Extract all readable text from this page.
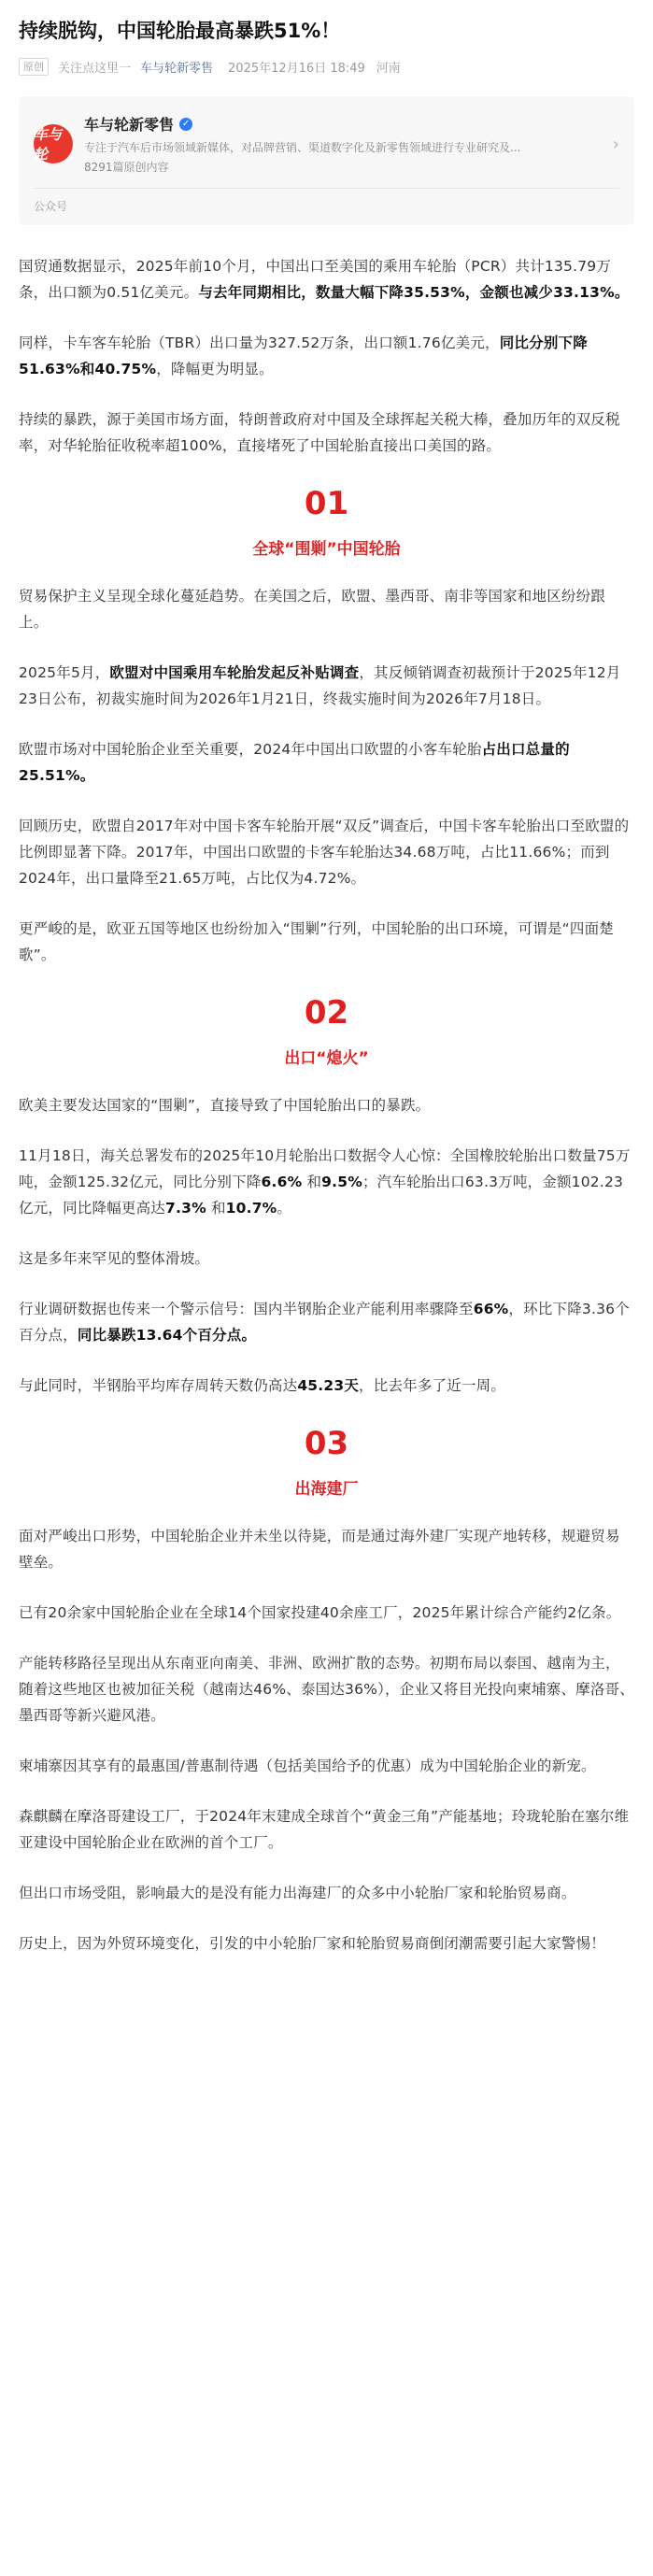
持续脱钩，中国轮胎最高暴跌51%！
原创	关注点这里一 车与轮新零售 2025年12月16日 18:49 河南
车与轮
车与轮新零售 ✓
专注于汽车后市场领域新媒体，对品牌营销、渠道数字化及新零售领域进行专业研究及...
8291篇原创内容
›
公众号

国贸通数据显示，2025年前10个月，中国出口至美国的乘用车轮胎（PCR）共计135.79万条，出口额为0.51亿美元。与去年同期相比，数量大幅下降35.53%，金额也减少33.13%。

同样，卡车客车轮胎（TBR）出口量为327.52万条，出口额1.76亿美元，同比分别下降51.63%和40.75%，降幅更为明显。

持续的暴跌，源于美国市场方面，特朗普政府对中国及全球挥起关税大棒，叠加历年的双反税率，对华轮胎征收税率超100%，直接堵死了中国轮胎直接出口美国的路。

01
全球“围剿”中国轮胎

贸易保护主义呈现全球化蔓延趋势。在美国之后，欧盟、墨西哥、南非等国家和地区纷纷跟上。

2025年5月，欧盟对中国乘用车轮胎发起反补贴调查，其反倾销调查初裁预计于2025年12月23日公布，初裁实施时间为2026年1月21日，终裁实施时间为2026年7月18日。

欧盟市场对中国轮胎企业至关重要，2024年中国出口欧盟的小客车轮胎占出口总量的25.51%。

回顾历史，欧盟自2017年对中国卡客车轮胎开展“双反”调查后，中国卡客车轮胎出口至欧盟的比例即显著下降。2017年，中国出口欧盟的卡客车轮胎达34.68万吨，占比11.66%；而到2024年，出口量降至21.65万吨，占比仅为4.72%。

更严峻的是，欧亚五国等地区也纷纷加入“围剿”行列，中国轮胎的出口环境，可谓是“四面楚歌”。

02
出口“熄火”

欧美主要发达国家的“围剿”，直接导致了中国轮胎出口的暴跌。

11月18日，海关总署发布的2025年10月轮胎出口数据令人心惊：全国橡胶轮胎出口数量75万吨，金额125.32亿元，同比分别下降6.6% 和9.5%；汽车轮胎出口63.3万吨，金额102.23亿元，同比降幅更高达7.3% 和10.7%。

这是多年来罕见的整体滑坡。

行业调研数据也传来一个警示信号：国内半钢胎企业产能利用率骤降至66%，环比下降3.36个百分点，同比暴跌13.64个百分点。

与此同时，半钢胎平均库存周转天数仍高达45.23天，比去年多了近一周。

03
出海建厂

面对严峻出口形势，中国轮胎企业并未坐以待毙，而是通过海外建厂实现产地转移，规避贸易壁垒。

已有20余家中国轮胎企业在全球14个国家投建40余座工厂，2025年累计综合产能约2亿条。

产能转移路径呈现出从东南亚向南美、非洲、欧洲扩散的态势。初期布局以泰国、越南为主，随着这些地区也被加征关税（越南达46%、泰国达36%），企业又将目光投向柬埔寨、摩洛哥、墨西哥等新兴避风港。

柬埔寨因其享有的最惠国/普惠制待遇（包括美国给予的优惠）成为中国轮胎企业的新宠。

森麒麟在摩洛哥建设工厂，于2024年末建成全球首个“黄金三角”产能基地；玲珑轮胎在塞尔维亚建设中国轮胎企业在欧洲的首个工厂。

但出口市场受阻，影响最大的是没有能力出海建厂的众多中小轮胎厂家和轮胎贸易商。

历史上，因为外贸环境变化，引发的中小轮胎厂家和轮胎贸易商倒闭潮需要引起大家警惕！
